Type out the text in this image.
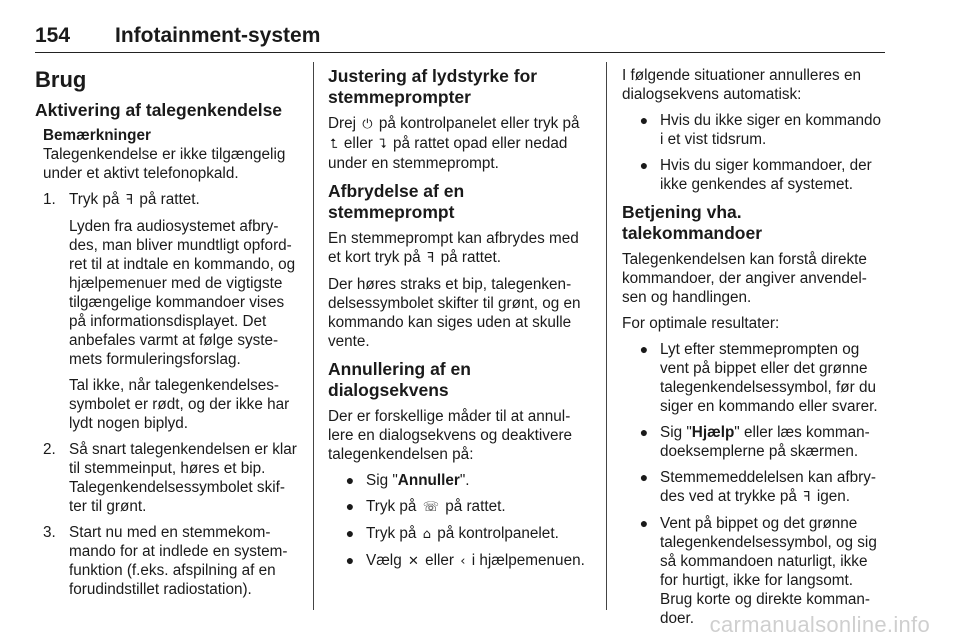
154 Infotainment-system
Brug
Aktivering af talegenkendelse
Bemærkninger

Talegenkendelse er ikke tilgængelig under et aktivt telefonopkald.

1. Tryk på ꟻ på rattet.

Lyden fra audiosystemet afbry-des, man bliver mundtligt opford-ret til at indtale en kommando, og hjælpemenuer med de vigtigste tilgængelige kommandoer vises på informationsdisplayet. Det anbefales varmt at følge syste-mets formuleringsforslag.

Tal ikke, når talegenkendelses-symbolet er rødt, og der ikke har lydt nogen biplyd.

2. Så snart talegenkendelsen er klar til stemmeinput, høres et bip. Talegenkendelsessymbolet skif-ter til grønt.
3. Start nu med en stemmekom-mando for at indlede en system-funktion (f.eks. afspilning af en forudindstillet radiostation).
Justering af lydstyrke for stemmeprompter

Drej ⏻ på kontrolpanelet eller tryk på ⮤ eller ⮧ på rattet opad eller nedad under en stemmeprompt.

Afbrydelse af en stemmeprompt

En stemmeprompt kan afbrydes med et kort tryk på ꟻ på rattet.

Der høres straks et bip, talegenken-delsessymbolet skifter til grønt, og en kommando kan siges uden at skulle vente.

Annullering af en dialogsekvens

Der er forskellige måder til at annul-lere en dialogsekvens og deaktivere talegenkendelsen på:

● Sig "Annuller".
● Tryk på ☏ på rattet.
● Tryk på ⌂ på kontrolpanelet.
● Vælg ✕ eller ‹ i hjælpemenuen.

I følgende situationer annulleres en dialogsekvens automatisk:

● Hvis du ikke siger en kommando i et vist tidsrum.
● Hvis du siger kommandoer, der ikke genkendes af systemet.
Betjening vha. talekommandoer

Talegenkendelsen kan forstå direkte kommandoer, der angiver anvendel-sen og handlingen.

For optimale resultater:

● Lyt efter stemmeprompten og vent på bippet eller det grønne talegenkendelsessymbol, før du siger en kommando eller svarer.
● Sig "Hjælp" eller læs komman-doeksemplerne på skærmen.
● Stemmemeddelelsen kan afbry-des ved at trykke på ꟻ igen.
● Vent på bippet og det grønne talegenkendelsessymbol, og sig så kommandoen naturligt, ikke for hurtigt, ikke for langsomt. Brug korte og direkte komman-doer. carmanualsonline.info
